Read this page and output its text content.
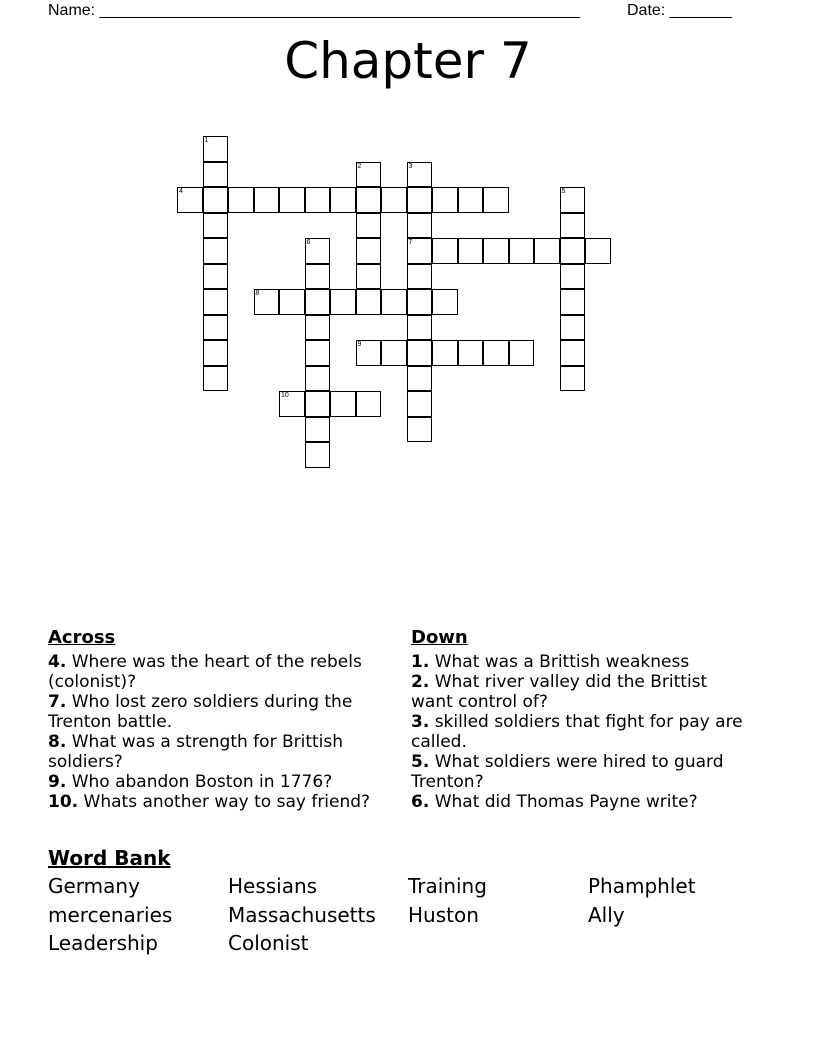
Name: ______________________________________________________	Date: _______
Chapter 7
1
2	3
7
4	5
6
8
9
10
Across
4. Where was the heart of the rebels (colonist)?
7. Who lost zero soldiers during the Trenton battle.
8. What was a strength for Brittish soldiers?
9. Who abandon Boston in 1776?
10. Whats another way to say friend?
Down
1. What was a Brittish weakness
2. What river valley did the Brittist want control of?
3. skilled soldiers that fight for pay are called.
5. What soldiers were hired to guard Trenton?
6. What did Thomas Payne write?
Word Bank
Germany	Hessians	Training	Phamphlet
mercenaries	Massachusetts	Huston	Ally
Leadership	Colonist
